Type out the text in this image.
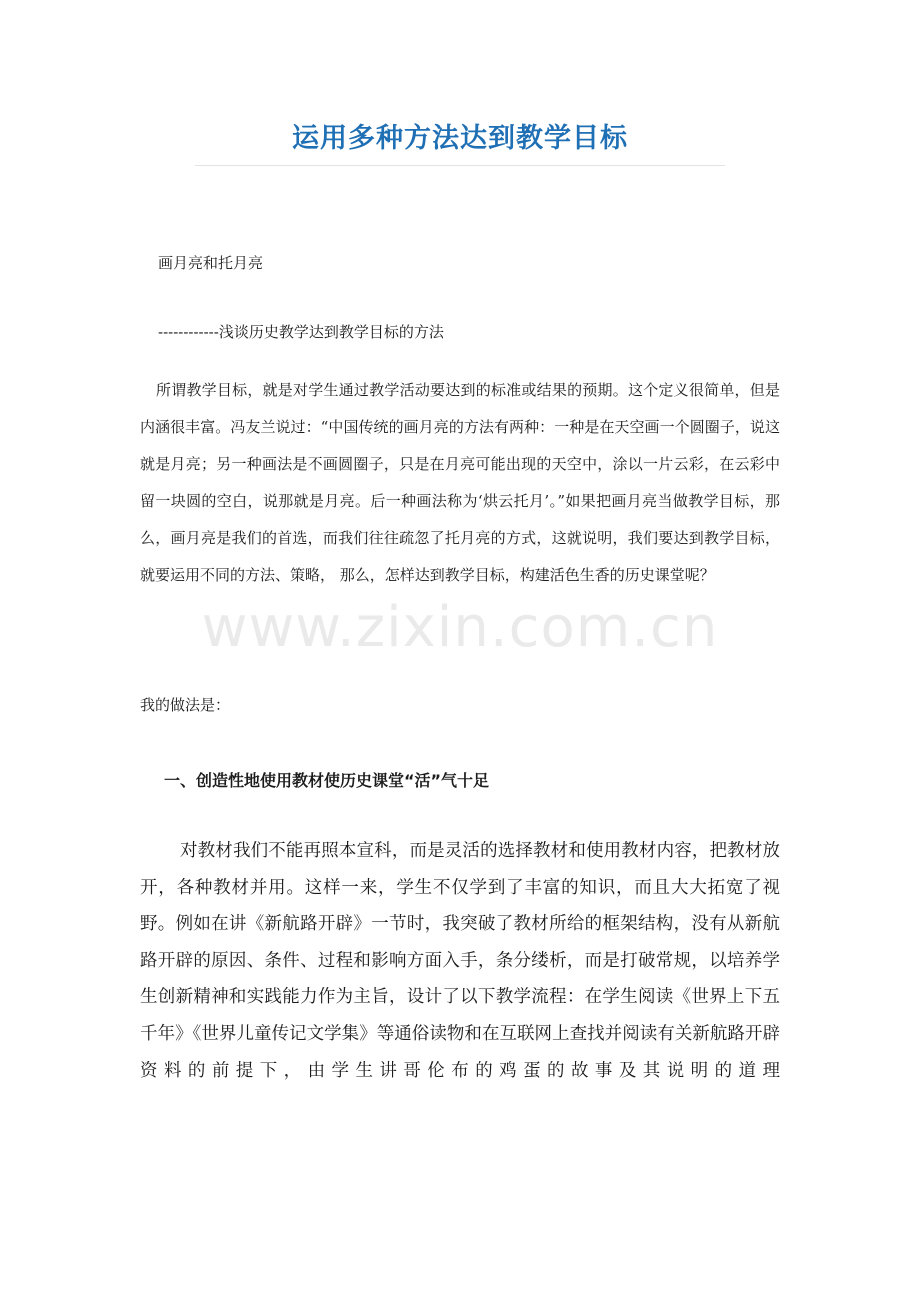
运用多种方法达到教学目标

画月亮和托月亮

------------浅谈历史教学达到教学目标的方法

所谓教学目标，就是对学生通过教学活动要达到的标准或结果的预期。这个定义很简单，但是内涵很丰富。冯友兰说过：“中国传统的画月亮的方法有两种：一种是在天空画一个圆圈子，说这就是月亮；另一种画法是不画圆圈子，只是在月亮可能出现的天空中，涂以一片云彩，在云彩中留一块圆的空白，说那就是月亮。后一种画法称为‘烘云托月’。”如果把画月亮当做教学目标，那么，画月亮是我们的首选，而我们往往疏忽了托月亮的方式，这就说明，我们要达到教学目标，就要运用不同的方法、策略， 那么，怎样达到教学目标，构建活色生香的历史课堂呢？

我的做法是：

一、创造性地使用教材使历史课堂“活”气十足

对教材我们不能再照本宣科，而是灵活的选择教材和使用教材内容，把教材放开，各种教材并用。这样一来，学生不仅学到了丰富的知识，而且大大拓宽了视野。例如在讲《新航路开辟》一节时，我突破了教材所给的框架结构，没有从新航路开辟的原因、条件、过程和影响方面入手，条分缕析，而是打破常规，以培养学生创新精神和实践能力作为主旨，设计了以下教学流程：在学生阅读《世界上下五千年》《世界儿童传记文学集》等通俗读物和在互联网上查找并阅读有关新航路开辟资料的前提下，由学生讲哥伦布的鸡蛋的故事及其说明的道理

www.zixin.com.cn
